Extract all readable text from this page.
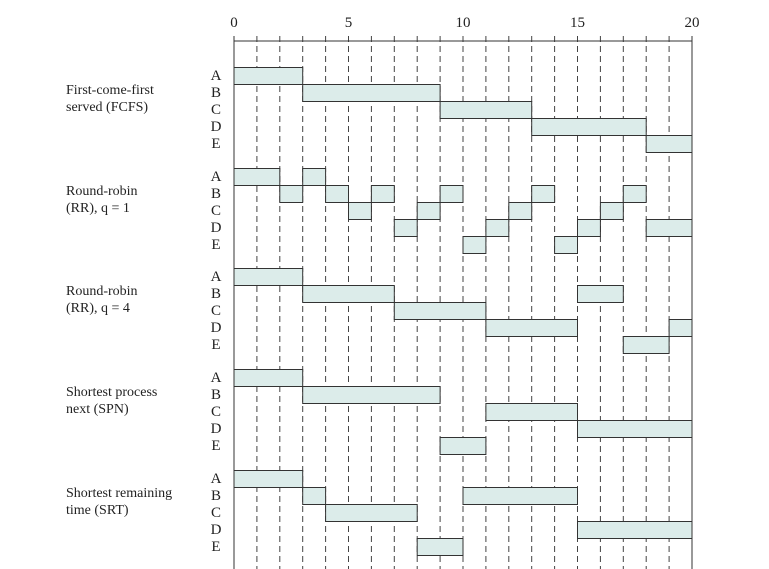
0	5	10	15	20
A
B
C
D
E
First-come-first
served (FCFS)
A
B
C
D
E
Round-robin
(RR), q = 1
A
B
C
D
E
Round-robin
(RR), q = 4
A
B
C
D
E
Shortest process
next (SPN)
A
B
C
D
E
Shortest remaining
time (SRT)
